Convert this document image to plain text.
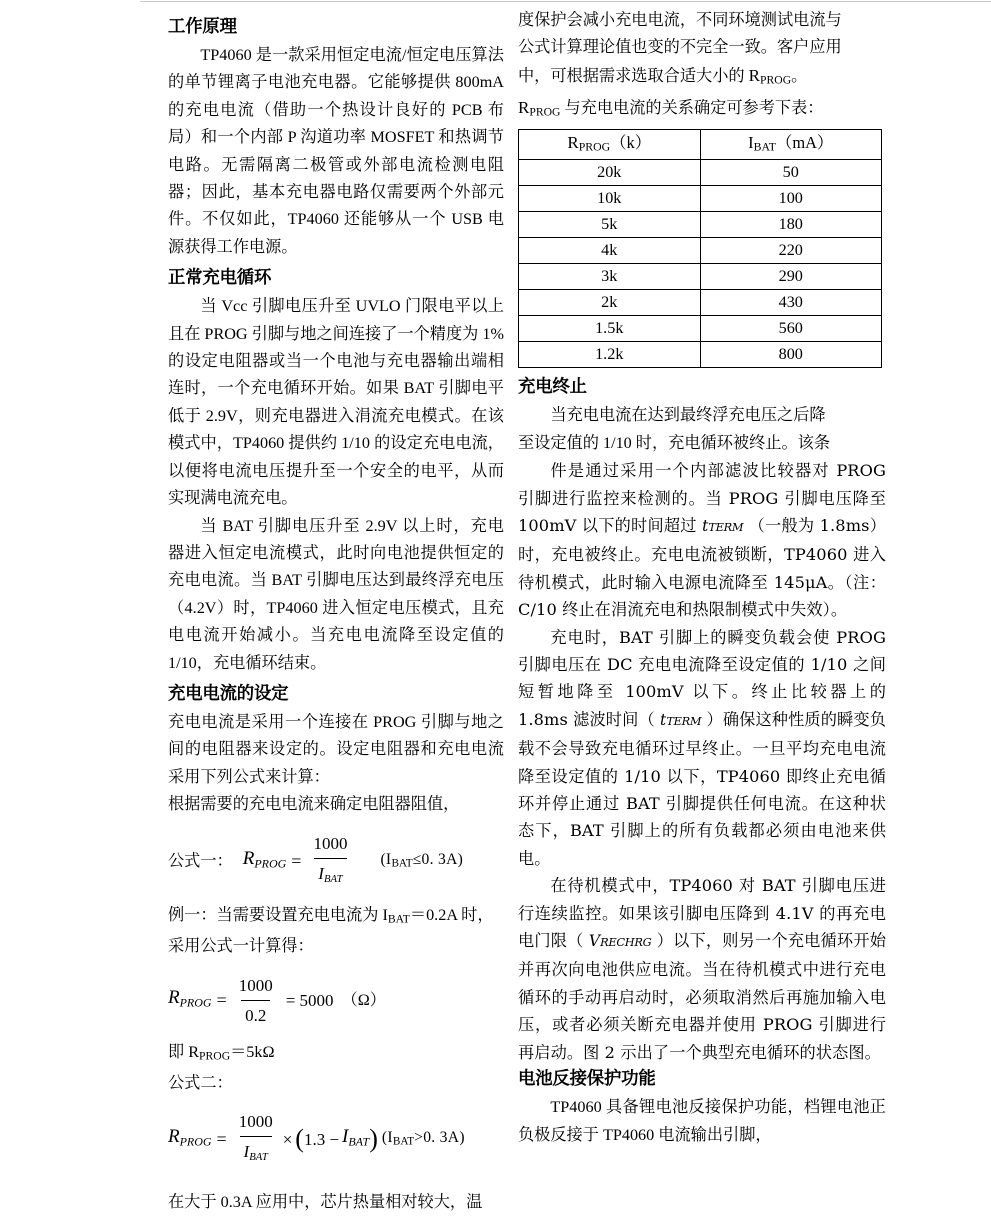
工作原理

TP4060 是一款采用恒定电流/恒定电压算法的单节锂离子电池充电器。它能够提供 800mA 的充电电流（借助一个热设计良好的 PCB 布局）和一个内部 P 沟道功率 MOSFET 和热调节电路。无需隔离二极管或外部电流检测电阻器；因此，基本充电器电路仅需要两个外部元件。不仅如此，TP4060 还能够从一个 USB 电源获得工作电源。

正常充电循环

当 Vcc 引脚电压升至 UVLO 门限电平以上且在 PROG 引脚与地之间连接了一个精度为 1%的设定电阻器或当一个电池与充电器输出端相连时，一个充电循环开始。如果 BAT 引脚电平低于 2.9V，则充电器进入涓流充电模式。在该模式中，TP4060 提供约 1/10 的设定充电电流，以便将电流电压提升至一个安全的电平，从而实现满电流充电。

当 BAT 引脚电压升至 2.9V 以上时，充电器进入恒定电流模式，此时向电池提供恒定的充电电流。当 BAT 引脚电压达到最终浮充电压（4.2V）时，TP4060 进入恒定电压模式，且充电电流开始减小。当充电电流降至设定值的 1/10，充电循环结束。

充电电流的设定

充电电流是采用一个连接在 PROG 引脚与地之间的电阻器来设定的。设定电阻器和充电电流采用下列公式来计算：

根据需要的充电电流来确定电阻器阻值，

公式一： RPROG = $\frac{1000}{\text{IBAT}} (I_{BAT}\le 0$. 3A)

例一：当需要设置充电电流为 $I_{BAT}=0.2A$ 时，

采用公式一计算得：

RPROG = $\frac{1000}{0.2} = 5000$ （Ω）

即 $R_{PROG}=5k\Omega$

公式二：

RPROG = $\frac{1000}{\text{IBAT}}$ × ( 1.3 − IBAT ) ($I_{BAT}>0$. 3A)

在大于 0.3A 应用中，芯片热量相对较大，温

度保护会减小充电电流，不同环境测试电流与

公式计算理论值也变的不完全一致。客户应用

中，可根据需求选取合适大小的 $R_{PROG}$。

$R_{PROG}$ 与充电电流的关系确定可参考下表：

$R_{PROG}(k)$	$I_{BAT}(mA)$
20k	50
10k	100
5k	180
4k	220
3k	290
2k	430
1.5k	560
1.2k	800
充电终止

当充电电流在达到最终浮充电压之后降

至设定值的 1/10 时，充电循环被终止。该条

件是通过采用一个内部滤波比较器对 PROG 引脚进行监控来检测的。当 PROG 引脚电压降至 100mV 以下的时间超过 tTERM （一般为 1.8ms）时，充电被终止。充电电流被锁断，TP4060 进入待机模式，此时输入电源电流降至 145μA。（注：C/10 终止在涓流充电和热限制模式中失效）。

充电时，BAT 引脚上的瞬变负载会使 PROG 引脚电压在 DC 充电电流降至设定值的 1/10 之间短暂地降至 100mV 以下。终止比较器上的 1.8ms 滤波时间（ tTERM ）确保这种性质的瞬变负载不会导致充电循环过早终止。一旦平均充电电流降至设定值的 1/10 以下，TP4060 即终止充电循环并停止通过 BAT 引脚提供任何电流。在这种状态下，BAT 引脚上的所有负载都必须由电池来供电。

在待机模式中，TP4060 对 BAT 引脚电压进行连续监控。如果该引脚电压降到 4.1V 的再充电电门限（ VRECHRG ）以下，则另一个充电循环开始并再次向电池供应电流。当在待机模式中进行充电循环的手动再启动时，必须取消然后再施加输入电压，或者必须关断充电器并使用 PROG 引脚进行再启动。图 2 示出了一个典型充电循环的状态图。

电池反接保护功能

TP4060 具备锂电池反接保护功能，档锂电池正负极反接于 TP4060 电流输出引脚，
